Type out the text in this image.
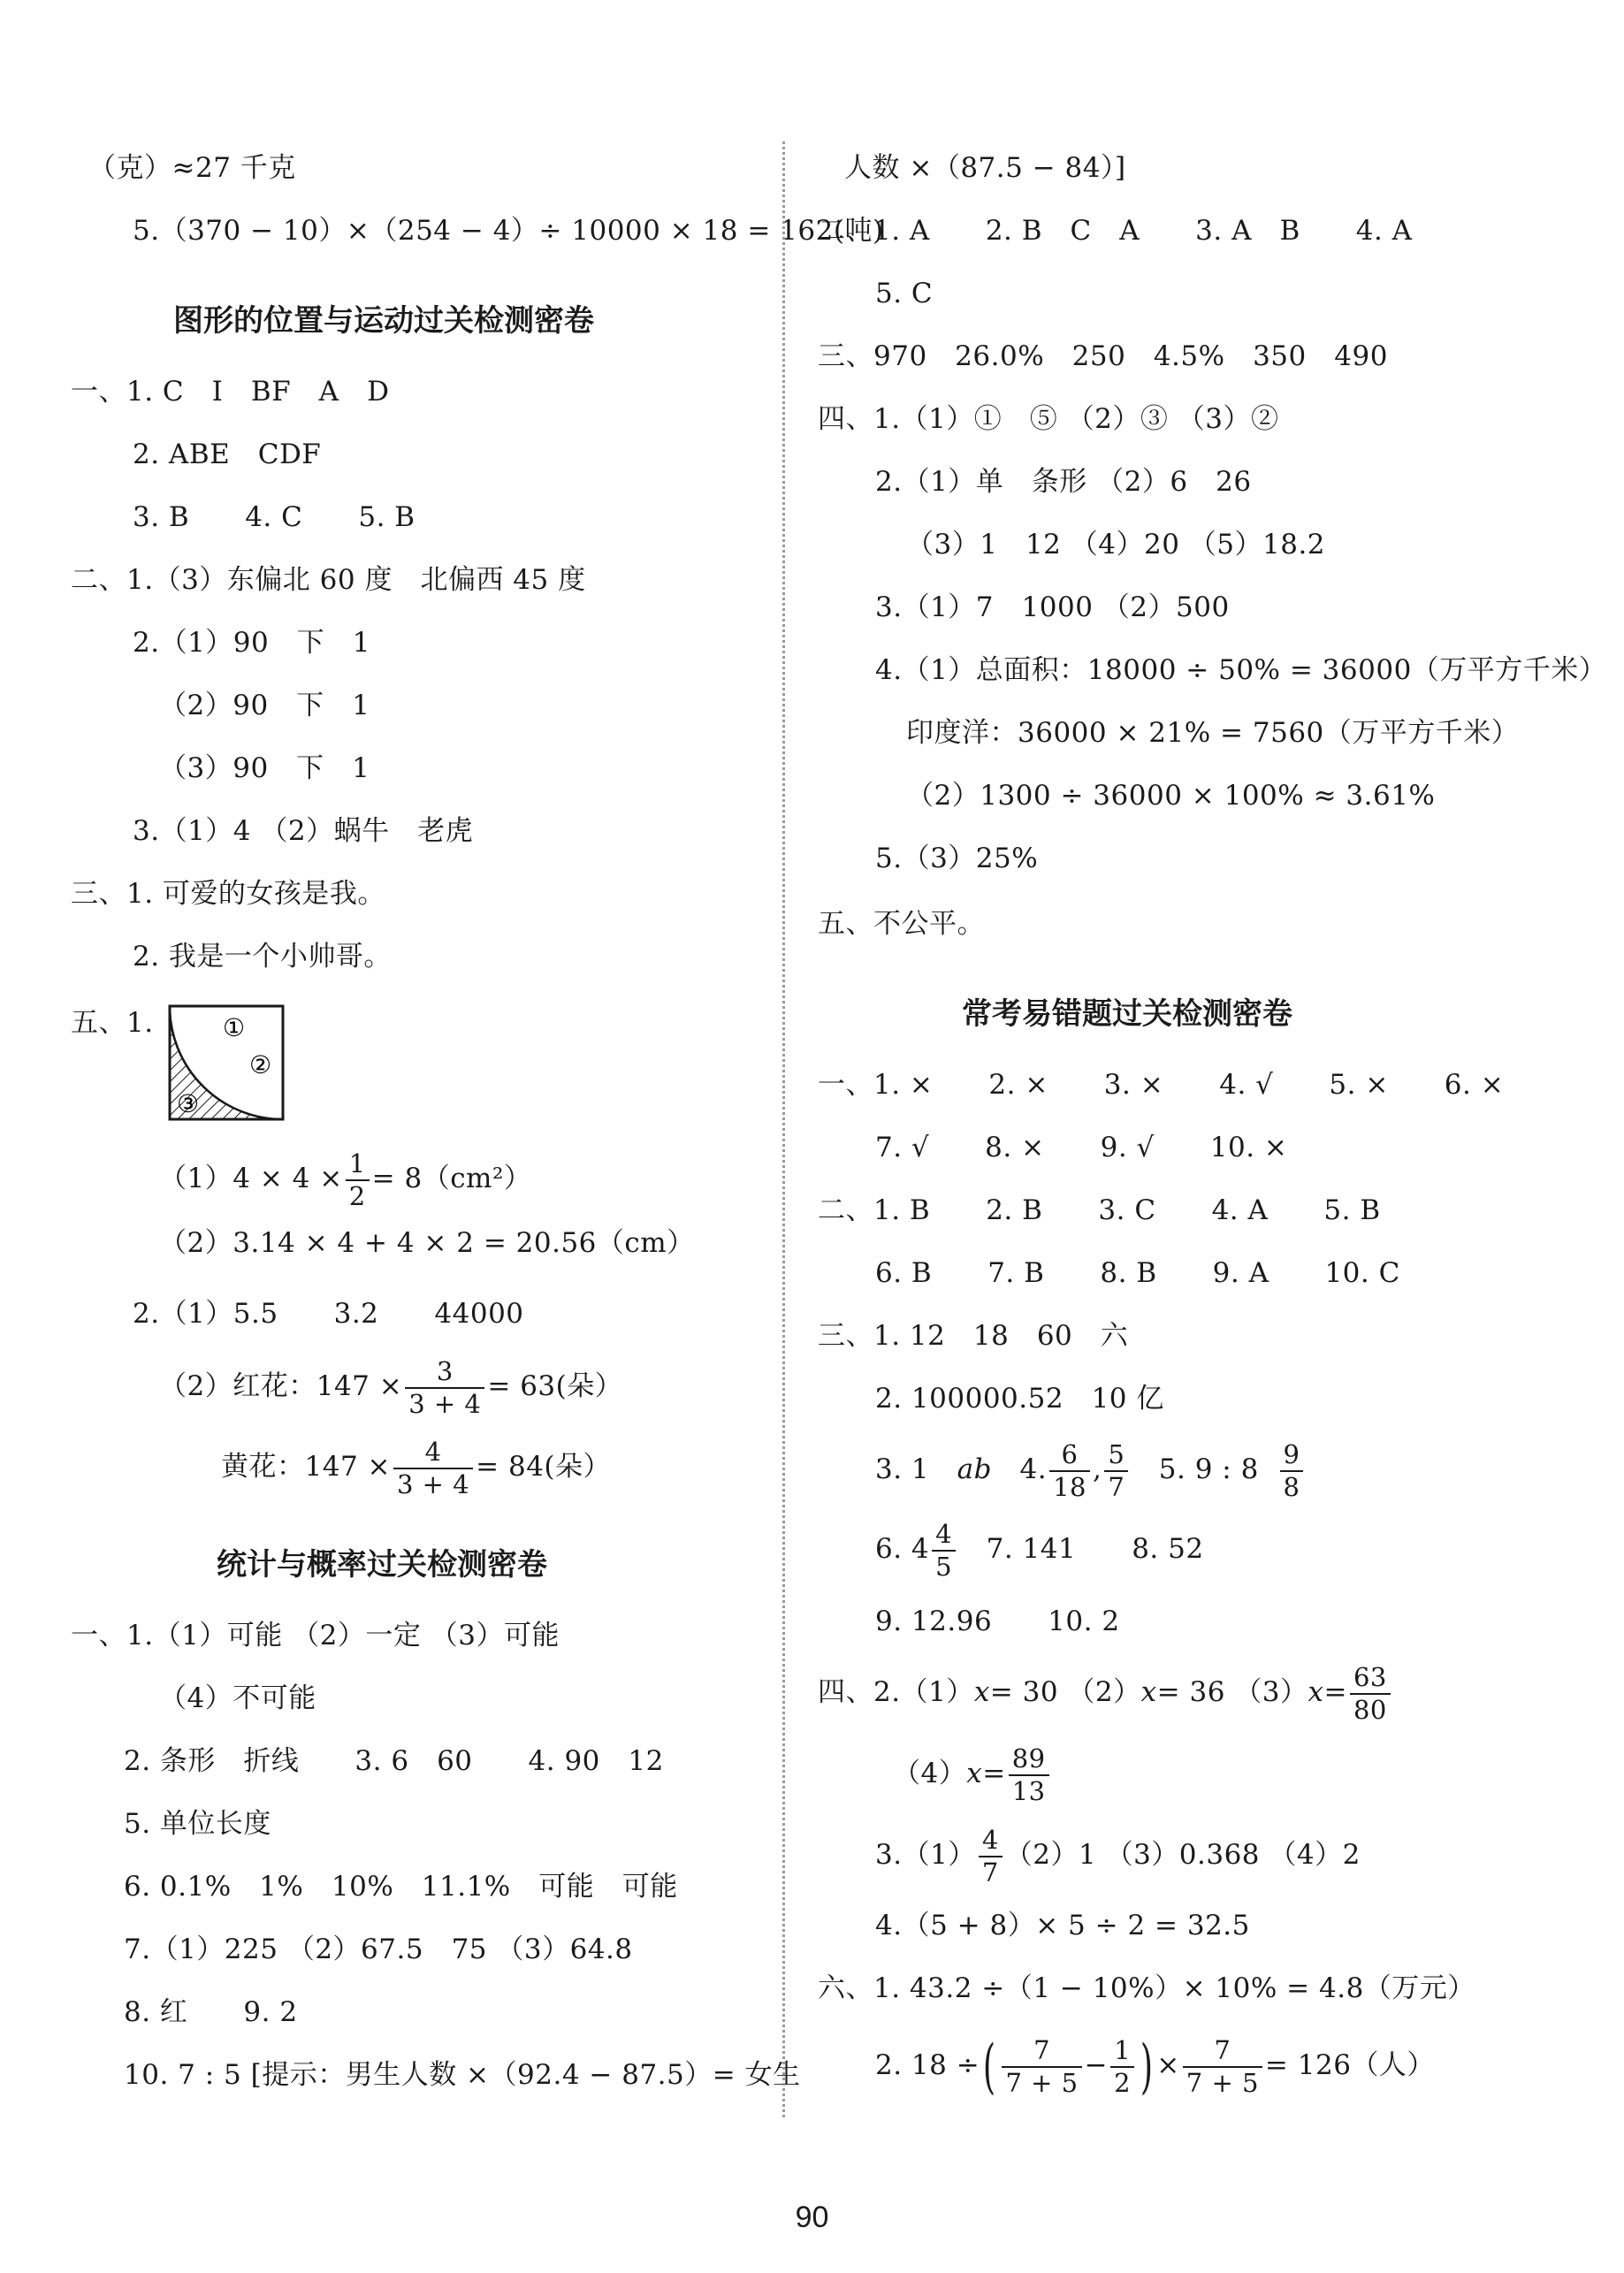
（克）≈27 千克
5.（370 − 10）×（254 − 4）÷ 10000 × 18 = 162(吨)
图形的位置与运动过关检测密卷
一、1. C　I　BF　A　D
2. ABE　CDF
3. B　　4. C　　5. B
二、1.（3）东偏北 60 度　北偏西 45 度
2.（1）90　下　1
（2）90　下　1
（3）90　下　1
3.（1）4 （2）蜗牛　老虎
三、1. 可爱的女孩是我。
2. 我是一个小帅哥。
五、1.	①
②
③
$(1)4 \times 4 \times \frac{1}{2} = 8(cm^2)$
（2）3.14 × 4 + 4 × 2 = 20.56（cm）
2.（1）5.5　　3.2　　44000
（2）红花：$147 \times \frac{3}{3 + 4} = 63$(朵）
黄花：$147 \times \frac{4}{3 + 4} = 84$(朵）
统计与概率过关检测密卷
一、1.（1）可能 （2）一定 （3）可能
（4）不可能
2. 条形　折线　　3. 6　60　　4. 90　12
5. 单位长度
6. 0.1%　1%　10%　11.1%　可能　可能
7.（1）225 （2）67.5　75 （3）64.8
8. 红　　9. 2
10. 7 : 5 [提示：男生人数 ×（92.4 − 87.5）= 女生
人数 ×（87.5 − 84）]
二、1. A　　2. B　C　A　　3. A　B　　4. A
5. C
三、970　26.0%　250　4.5%　350　490
四、1.（1）①　⑤ （2）③ （3）②
2.（1）单　条形 （2）6　26
（3）1　12 （4）20 （5）18.2
3.（1）7　1000 （2）500
4.（1）总面积：18000 ÷ 50% = 36000（万平方千米）
印度洋：36000 × 21% = 7560（万平方千米）
（2）1300 ÷ 36000 × 100% ≈ 3.61%
5.（3）25%
五、不公平。
常考易错题过关检测密卷
一、1. ×　　2. ×　　3. ×　　4. √　　5. ×　　6. ×
7. √　　8. ×　　9. √　　10. ×
二、1. B　　2. B　　3. C　　4. A　　5. B
6. B　　7. B　　8. B　　9. A　　10. C
三、1. 12　18　60　六
2. 100000.52　10 亿
3. 1　ab　4. $\frac{6}{18}$ , $\frac{5}{7}$ 　5. 9 : $8 \frac{9}{8}$
6. $4 \frac{4}{5}$ 　7. 141　　8. 52
9. 12.96　　10. 2
四、2.（1）x= 30 （2）x= 36 $(3)x= \frac{63}{80}$
$(4)x= \frac{89}{13}$
$3.(1) \frac{4}{7} (2)1$ （3）0.368 （4）2
4.（5 + 8）× 5 ÷ 2 = 32.5
六、1. 43.2 ÷（1 − 10%）× 10% = 4.8（万元）
2. 18 ÷( $\frac{7}{7 + 5} - \frac{1}{2}$ ) × $\frac{7}{7 + 5} = 126$（人）
90
